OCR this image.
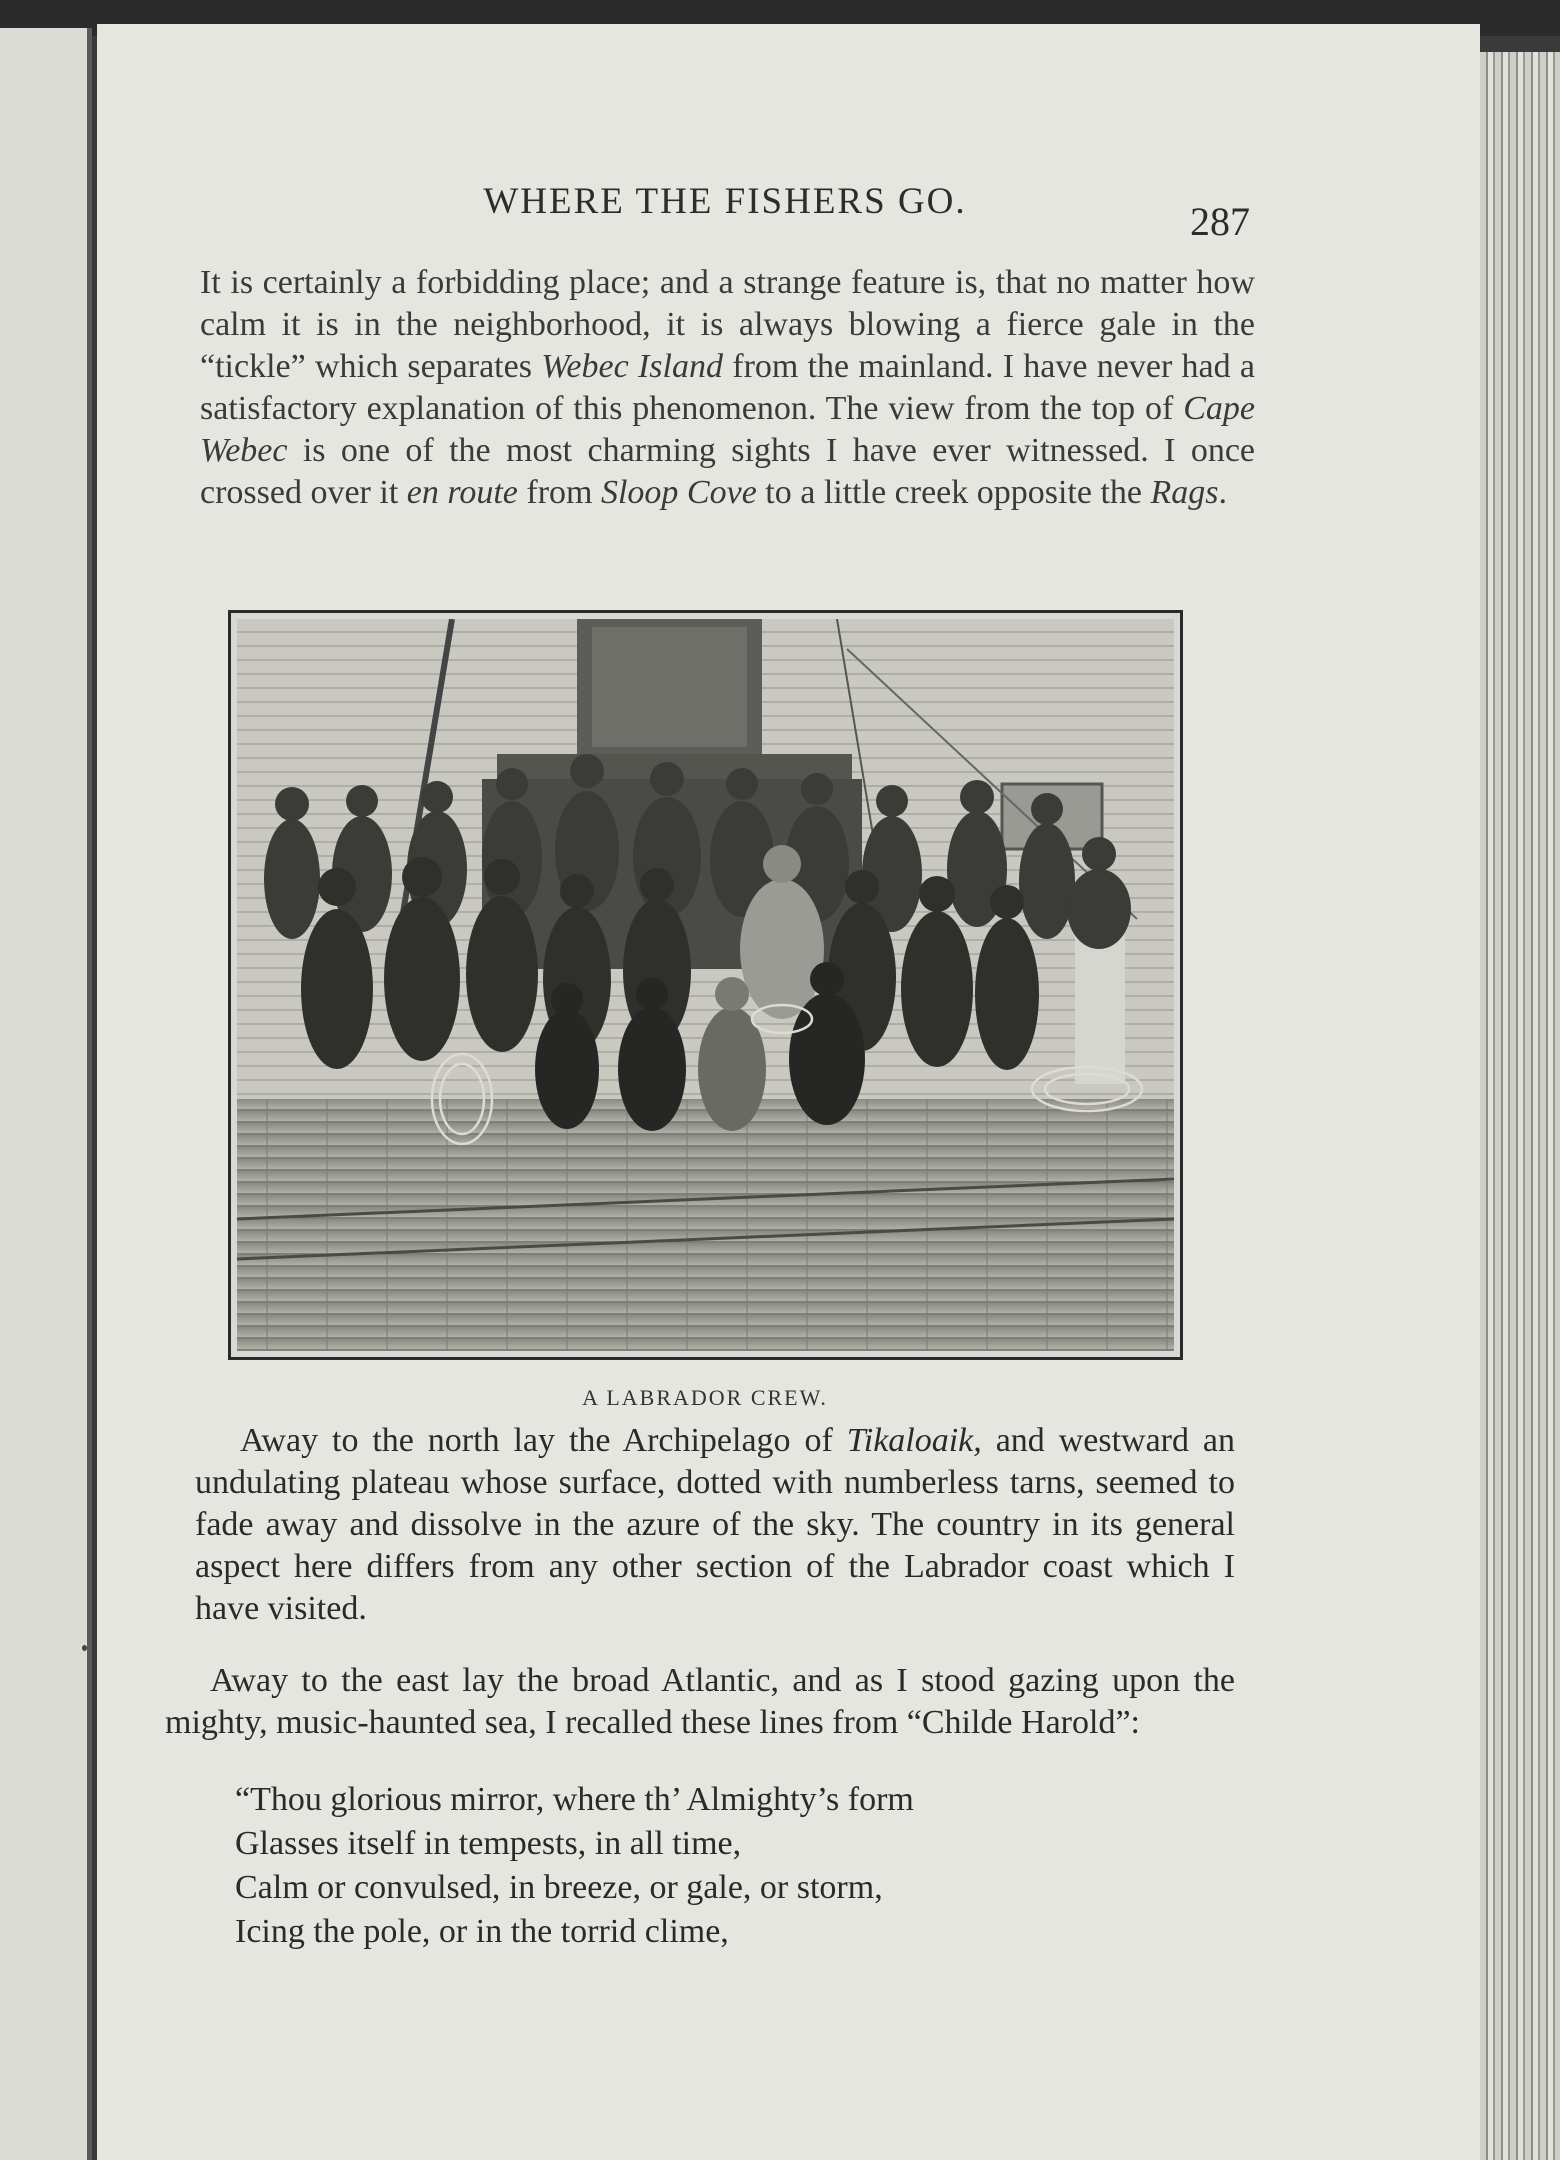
WHERE THE FISHERS GO.	287

It is certainly a forbidding place; and a strange feature is, that no matter how calm it is in the neighborhood, it is always blowing a fierce gale in the “tickle” which separates Webec Island from the mainland. I have never had a satisfactory explanation of this phenomenon. The view from the top of Cape Webec is one of the most charming sights I have ever witnessed. I once crossed over it en route from Sloop Cove to a little creek opposite the Rags.

A LABRADOR CREW.

Away to the north lay the Archipelago of Tikaloaik, and westward an undulating plateau whose surface, dotted with numberless tarns, seemed to fade away and dissolve in the azure of the sky. The country in its general aspect here differs from any other section of the Labrador coast which I have visited.

Away to the east lay the broad Atlantic, and as I stood gazing upon the mighty, music-haunted sea, I recalled these lines from “Childe Harold”:

“Thou glorious mirror, where th’ Almighty’s form
Glasses itself in tempests, in all time,
Calm or convulsed, in breeze, or gale, or storm,
Icing the pole, or in the torrid clime,
